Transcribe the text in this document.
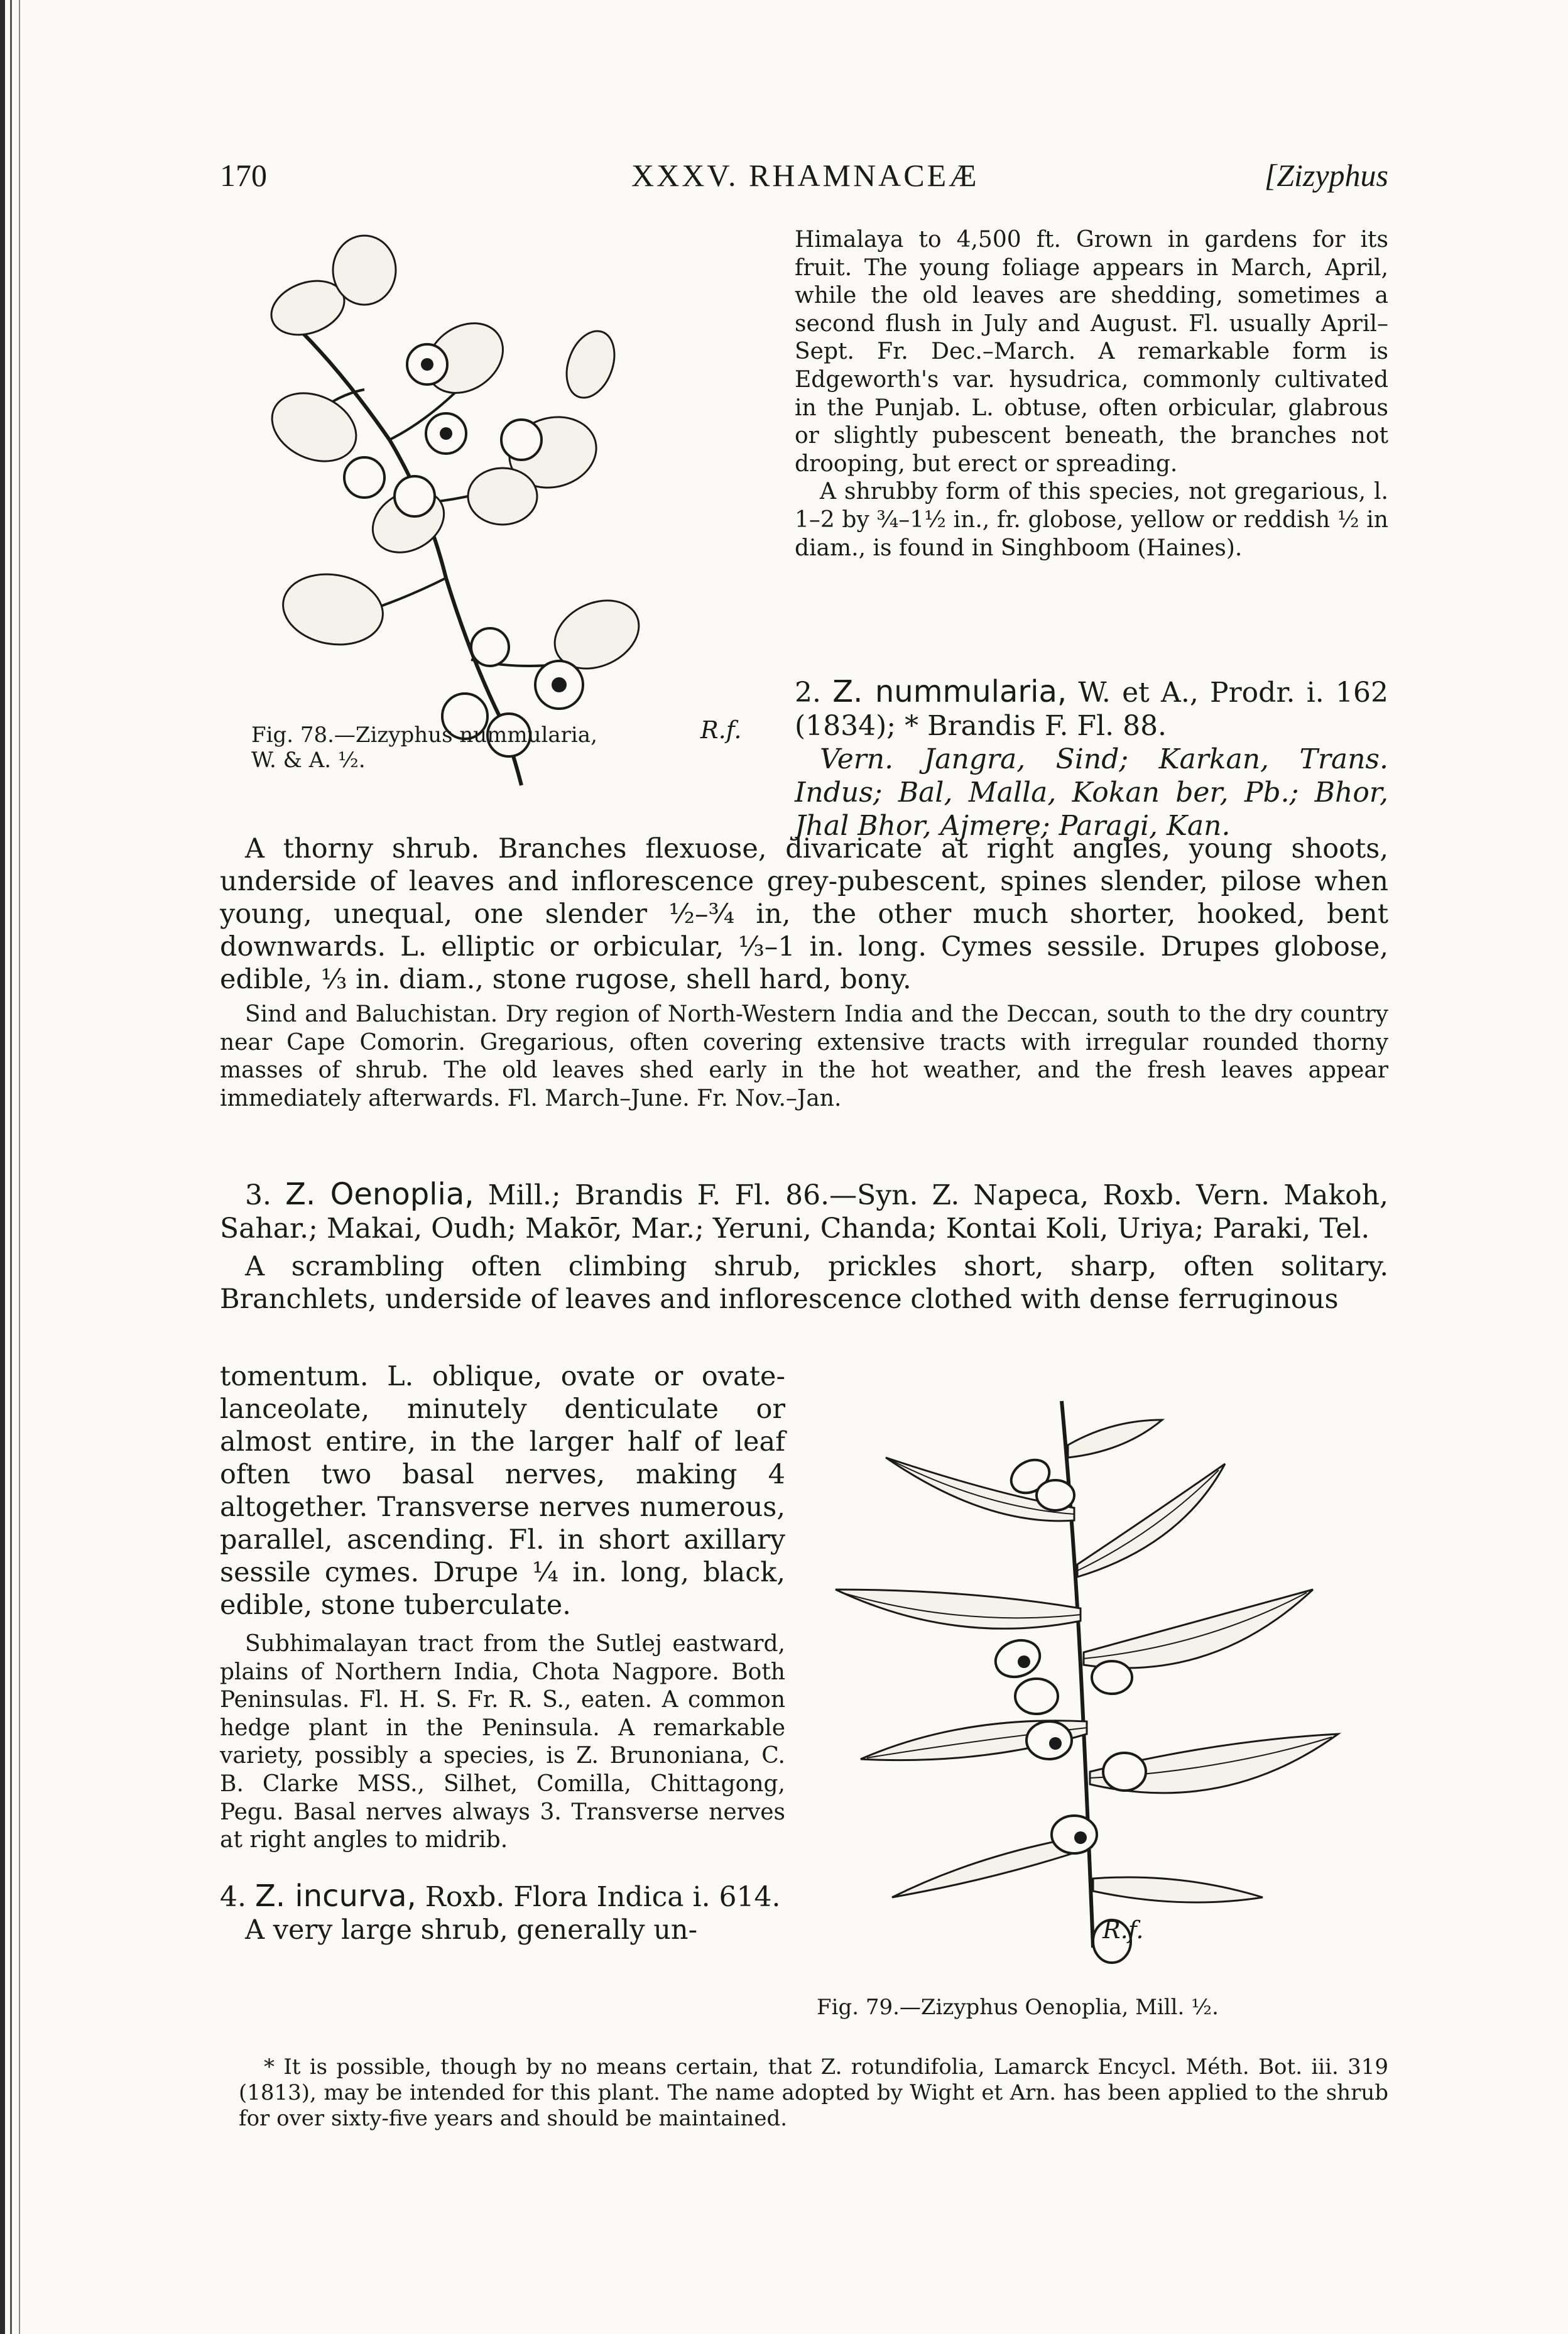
170	XXXV. RHAMNACEÆ	[Zizyphus
Fig. 78.—Zizyphus nummularia, W. & A. ½.
R.f.

Himalaya to 4,500 ft. Grown in gardens for its fruit. The young foliage appears in March, April, while the old leaves are shedding, sometimes a second flush in July and August. Fl. usually April–Sept. Fr. Dec.–March. A remarkable form is Edgeworth's var. hysudrica, commonly cultivated in the Punjab. L. obtuse, often orbicular, glabrous or slightly pubescent beneath, the branches not drooping, but erect or spreading.

A shrubby form of this species, not gregarious, l. 1–2 by ¾–1½ in., fr. globose, yellow or reddish ½ in diam., is found in Singhboom (Haines).

2. Z. nummularia, W. et A., Prodr. i. 162 (1834); * Brandis F. Fl. 88.

Vern. Jangra, Sind; Karkan, Trans. Indus; Bal, Malla, Kokan ber, Pb.; Bhor, Jhal Bhor, Ajmere; Paragi, Kan.

A thorny shrub. Branches flexuose, divaricate at right angles, young shoots, underside of leaves and inflorescence grey-pubescent, spines slender, pilose when young, unequal, one slender ½–¾ in, the other much shorter, hooked, bent downwards. L. elliptic or orbicular, ⅓–1 in. long. Cymes sessile. Drupes globose, edible, ⅓ in. diam., stone rugose, shell hard, bony.

Sind and Baluchistan. Dry region of North-Western India and the Deccan, south to the dry country near Cape Comorin. Gregarious, often covering extensive tracts with irregular rounded thorny masses of shrub. The old leaves shed early in the hot weather, and the fresh leaves appear immediately afterwards. Fl. March–June. Fr. Nov.–Jan.

3. Z. Oenoplia, Mill.; Brandis F. Fl. 86.—Syn. Z. Napeca, Roxb. Vern. Makoh, Sahar.; Makai, Oudh; Makōr, Mar.; Yeruni, Chanda; Kontai Koli, Uriya; Paraki, Tel.

A scrambling often climbing shrub, prickles short, sharp, often solitary. Branchlets, underside of leaves and inflorescence clothed with dense ferruginous

tomentum. L. oblique, ovate or ovate-lanceolate, minutely denticulate or almost entire, in the larger half of leaf often two basal nerves, making 4 altogether. Transverse nerves numerous, parallel, ascending. Fl. in short axillary sessile cymes. Drupe ¼ in. long, black, edible, stone tuberculate.

Subhimalayan tract from the Sutlej eastward, plains of Northern India, Chota Nagpore. Both Peninsulas. Fl. H. S. Fr. R. S., eaten. A common hedge plant in the Peninsula. A remarkable variety, possibly a species, is Z. Brunoniana, C. B. Clarke MSS., Silhet, Comilla, Chittagong, Pegu. Basal nerves always 3. Transverse nerves at right angles to midrib.

4. Z. incurva, Roxb. Flora Indica i. 614.

A very large shrub, generally un-

Fig. 79.—Zizyphus Oenoplia, Mill. ½.
R.f.

* It is possible, though by no means certain, that Z. rotundifolia, Lamarck Encycl. Méth. Bot. iii. 319 (1813), may be intended for this plant. The name adopted by Wight et Arn. has been applied to the shrub for over sixty-five years and should be maintained.
